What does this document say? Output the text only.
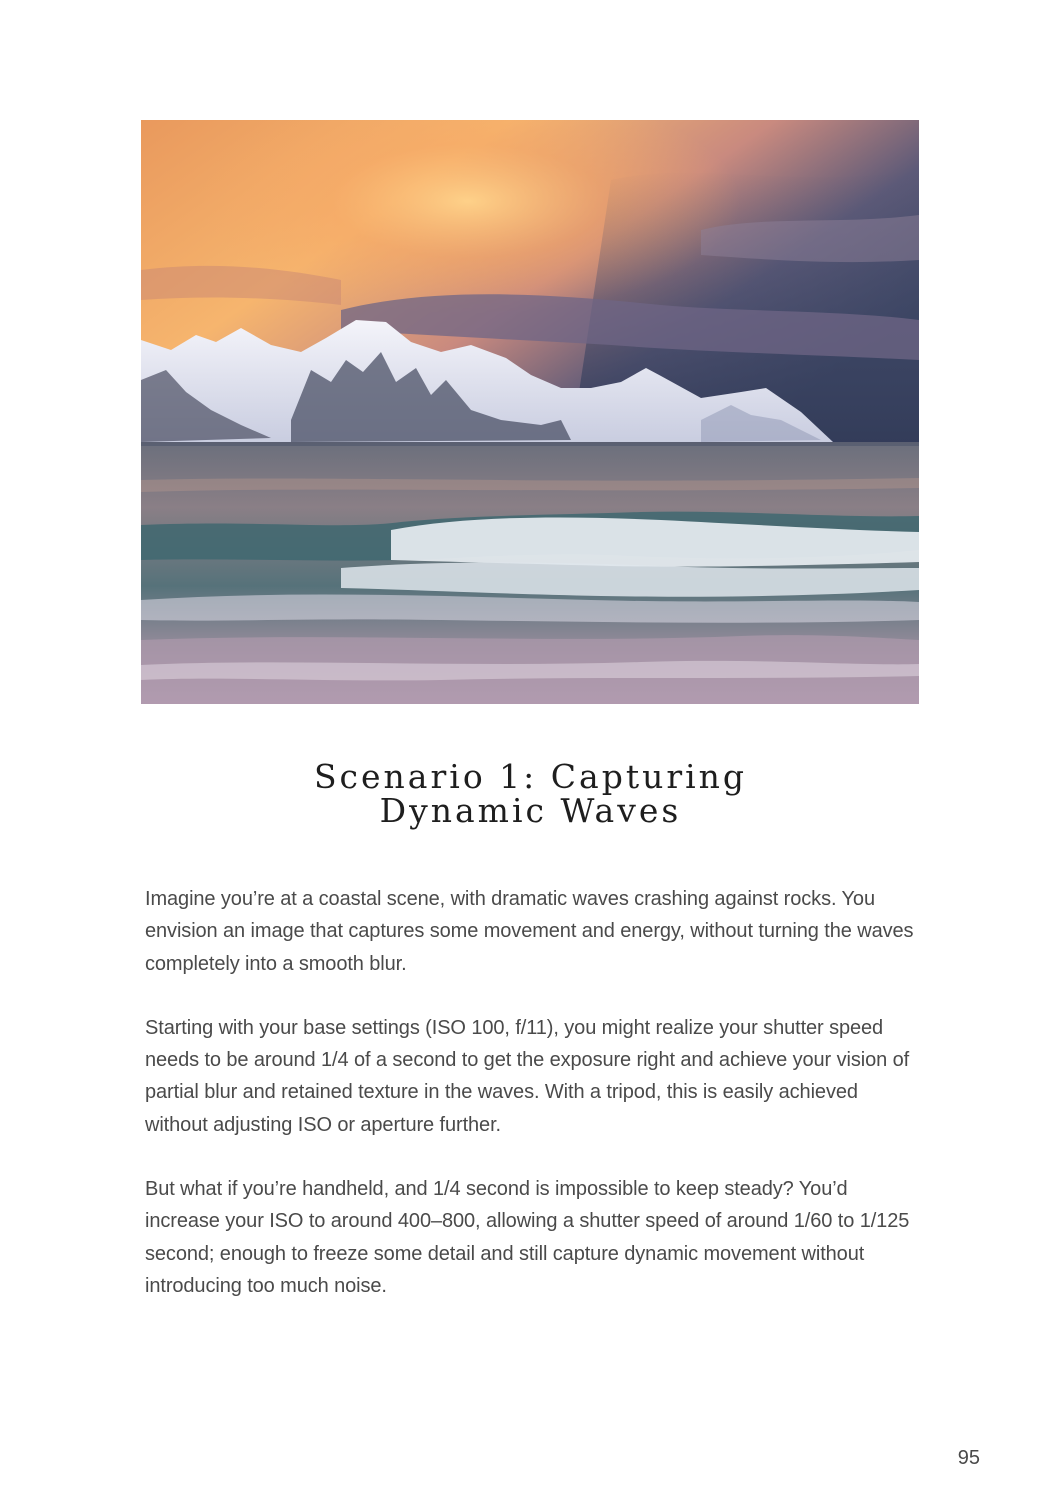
Scenario 1: Capturing
Dynamic Waves

Imagine you’re at a coastal scene, with dramatic waves crashing against rocks. You envision an image that captures some movement and energy, without turning the waves completely into a smooth blur.

Starting with your base settings (ISO 100, f/11), you might realize your shutter speed needs to be around 1/4 of a second to get the exposure right and achieve your vision of partial blur and retained texture in the waves. With a tripod, this is easily achieved without adjusting ISO or aperture further.

But what if you’re handheld, and 1/4 second is impossible to keep steady? You’d increase your ISO to around 400–800, allowing a shutter speed of around 1/60 to 1/125 second; enough to freeze some detail and still capture dynamic movement without introducing too much noise.

95
